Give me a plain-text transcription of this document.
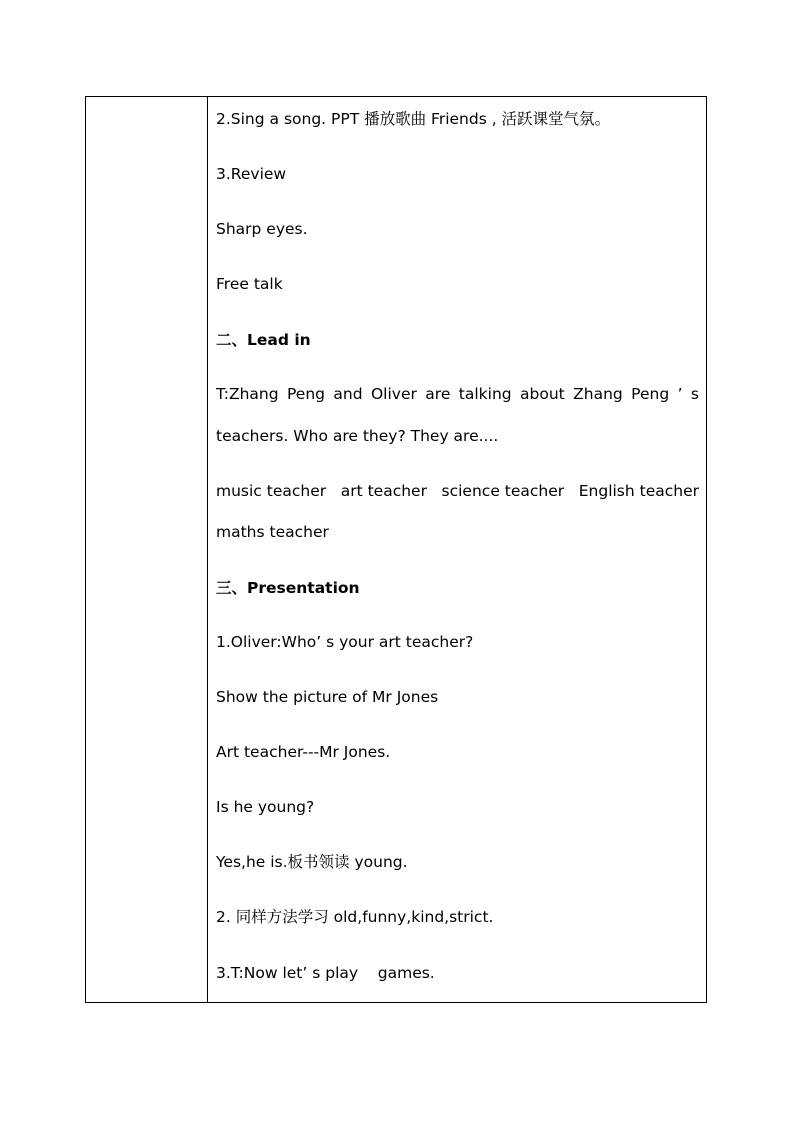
2.Sing a song. PPT 播放歌曲 Friends , 活跃课堂气氛。
3.Review
Sharp eyes.
Free talk
二、Lead in
T:Zhang Peng and Oliver are talking about Zhang Peng ’ s
teachers. Who are they? They are....
music teacher art teacher science teacher English teacher
maths teacher
三、Presentation
1.Oliver:Who’ s your art teacher?
Show the picture of Mr Jones
Art teacher---Mr Jones.
Is he young?
Yes,he is.板书领读 young.
2. 同样方法学习 old,funny,kind,strict.
3.T:Now let’ s play    games.
